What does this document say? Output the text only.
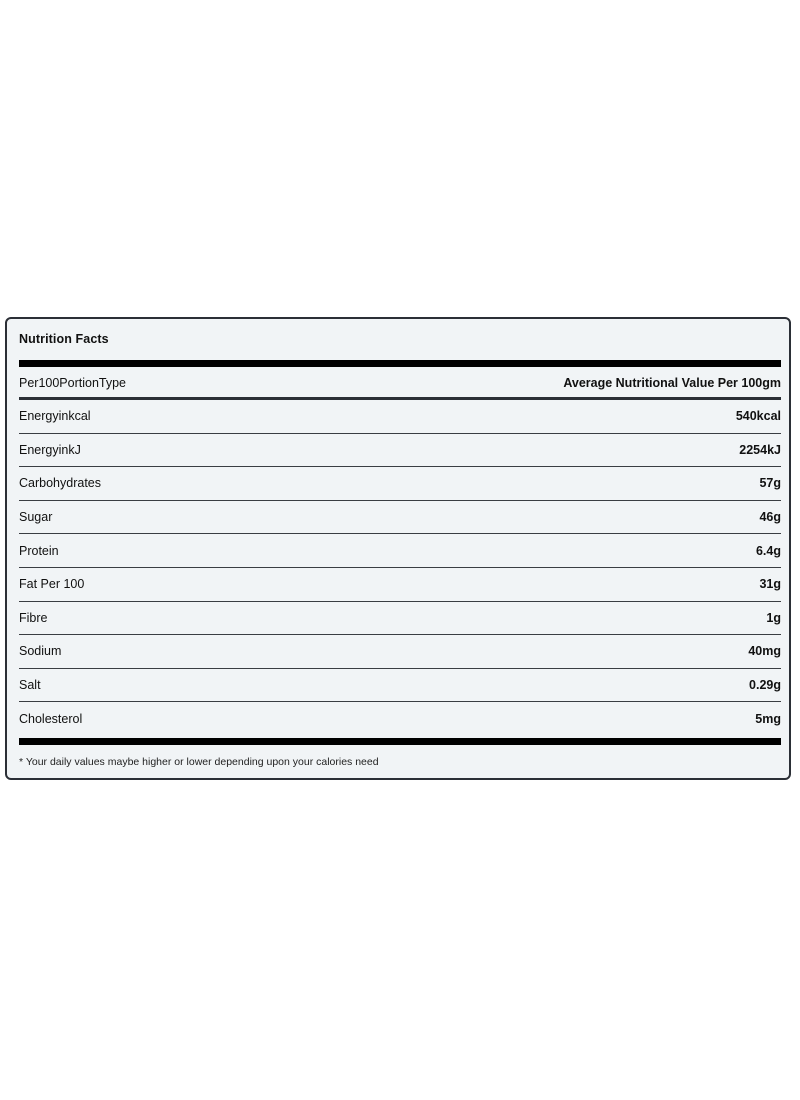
Nutrition Facts
Per100PortionType	Average Nutritional Value Per 100gm
Energyinkcal	540kcal
EnergyinkJ	2254kJ
Carbohydrates	57g
Sugar	46g
Protein	6.4g
Fat Per 100	31g
Fibre	1g
Sodium	40mg
Salt	0.29g
Cholesterol	5mg
* Your daily values maybe higher or lower depending upon your calories need
